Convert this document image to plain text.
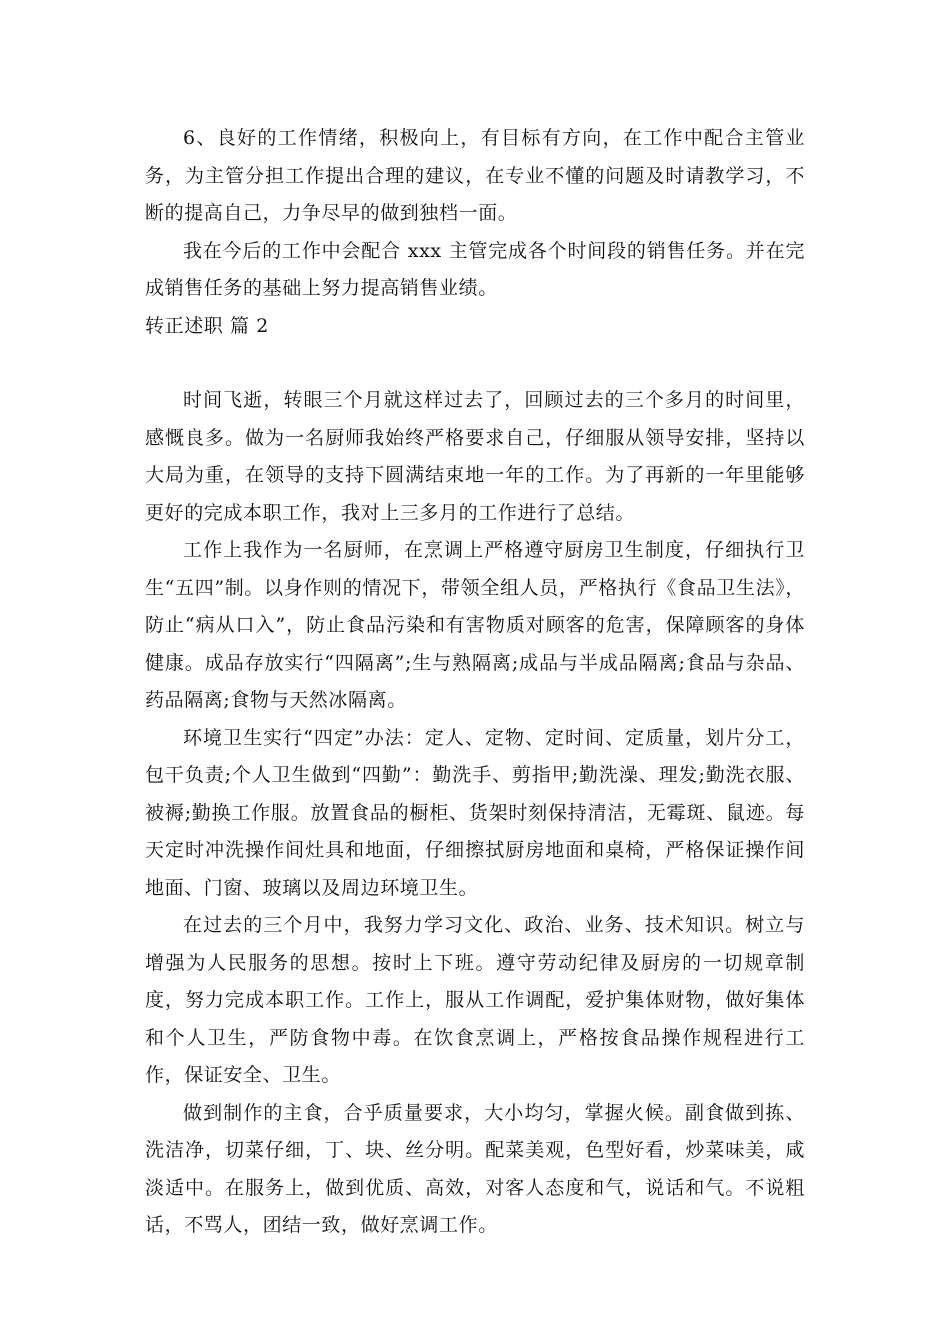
6、良好的工作情绪，积极向上，有目标有方向，在工作中配合主管业务，为主管分担工作提出合理的建议，在专业不懂的问题及时请教学习，不断的提高自己，力争尽早的做到独档一面。

我在今后的工作中会配合 xxx 主管完成各个时间段的销售任务。并在完成销售任务的基础上努力提高销售业绩。

转正述职 篇 2

时间飞逝，转眼三个月就这样过去了，回顾过去的三个多月的时间里，感慨良多。做为一名厨师我始终严格要求自己，仔细服从领导安排，坚持以大局为重，在领导的支持下圆满结束地一年的工作。为了再新的一年里能够更好的完成本职工作，我对上三多月的工作进行了总结。

工作上我作为一名厨师，在烹调上严格遵守厨房卫生制度，仔细执行卫生“五四”制。以身作则的情况下，带领全组人员，严格执行《食品卫生法》，防止“病从口入”，防止食品污染和有害物质对顾客的危害，保障顾客的身体健康。成品存放实行“四隔离”;生与熟隔离;成品与半成品隔离;食品与杂品、药品隔离;食物与天然冰隔离。

环境卫生实行“四定”办法：定人、定物、定时间、定质量，划片分工，包干负责;个人卫生做到“四勤”：勤洗手、剪指甲;勤洗澡、理发;勤洗衣服、被褥;勤换工作服。放置食品的橱柜、货架时刻保持清洁，无霉斑、鼠迹。每天定时冲洗操作间灶具和地面，仔细擦拭厨房地面和桌椅，严格保证操作间地面、门窗、玻璃以及周边环境卫生。

在过去的三个月中，我努力学习文化、政治、业务、技术知识。树立与增强为人民服务的思想。按时上下班。遵守劳动纪律及厨房的一切规章制度，努力完成本职工作。工作上，服从工作调配，爱护集体财物，做好集体和个人卫生，严防食物中毒。在饮食烹调上，严格按食品操作规程进行工作，保证安全、卫生。

做到制作的主食，合乎质量要求，大小均匀，掌握火候。副食做到拣、洗洁净，切菜仔细，丁、块、丝分明。配菜美观，色型好看，炒菜味美，咸淡适中。在服务上，做到优质、高效，对客人态度和气，说话和气。不说粗话，不骂人，团结一致，做好烹调工作。
